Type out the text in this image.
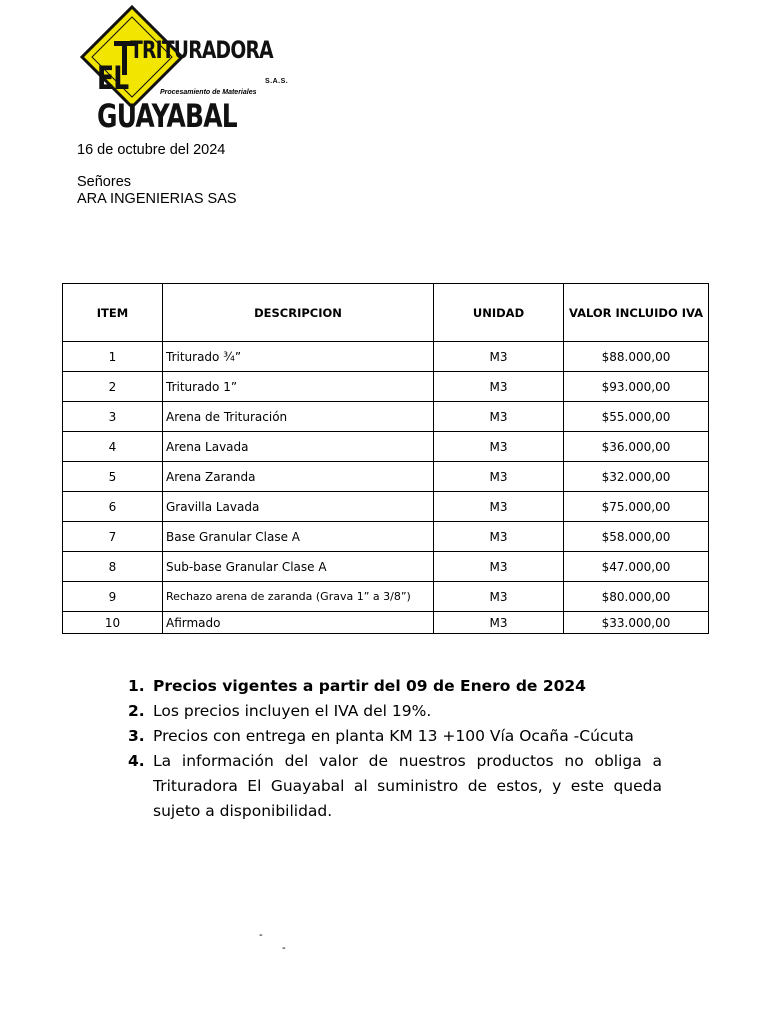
TRITURADORA
EL GUAYABAL
S.A.S.
Procesamiento de Materiales
16 de octubre del 2024
Señores
ARA INGENIERIAS SAS
ITEM	DESCRIPCION	UNIDAD	VALOR INCLUIDO IVA
1	Triturado ¾”	M3	$88.000,00
2	Triturado 1”	M3	$93.000,00
3	Arena de Trituración	M3	$55.000,00
4	Arena Lavada	M3	$36.000,00
5	Arena Zaranda	M3	$32.000,00
6	Gravilla Lavada	M3	$75.000,00
7	Base Granular Clase A	M3	$58.000,00
8	Sub-base Granular Clase A	M3	$47.000,00
9	Rechazo arena de zaranda (Grava 1” a 3/8”)	M3	$80.000,00
10	Afirmado	M3	$33.000,00
1. Precios vigentes a partir del 09 de Enero de 2024
2. Los precios incluyen el IVA del 19%.
3. Precios con entrega en planta KM 13 +100 Vía Ocaña -Cúcuta
4. La información del valor de nuestros productos no obliga a Trituradora El Guayabal al suministro de estos, y este queda sujeto a disponibilidad.
-
-
